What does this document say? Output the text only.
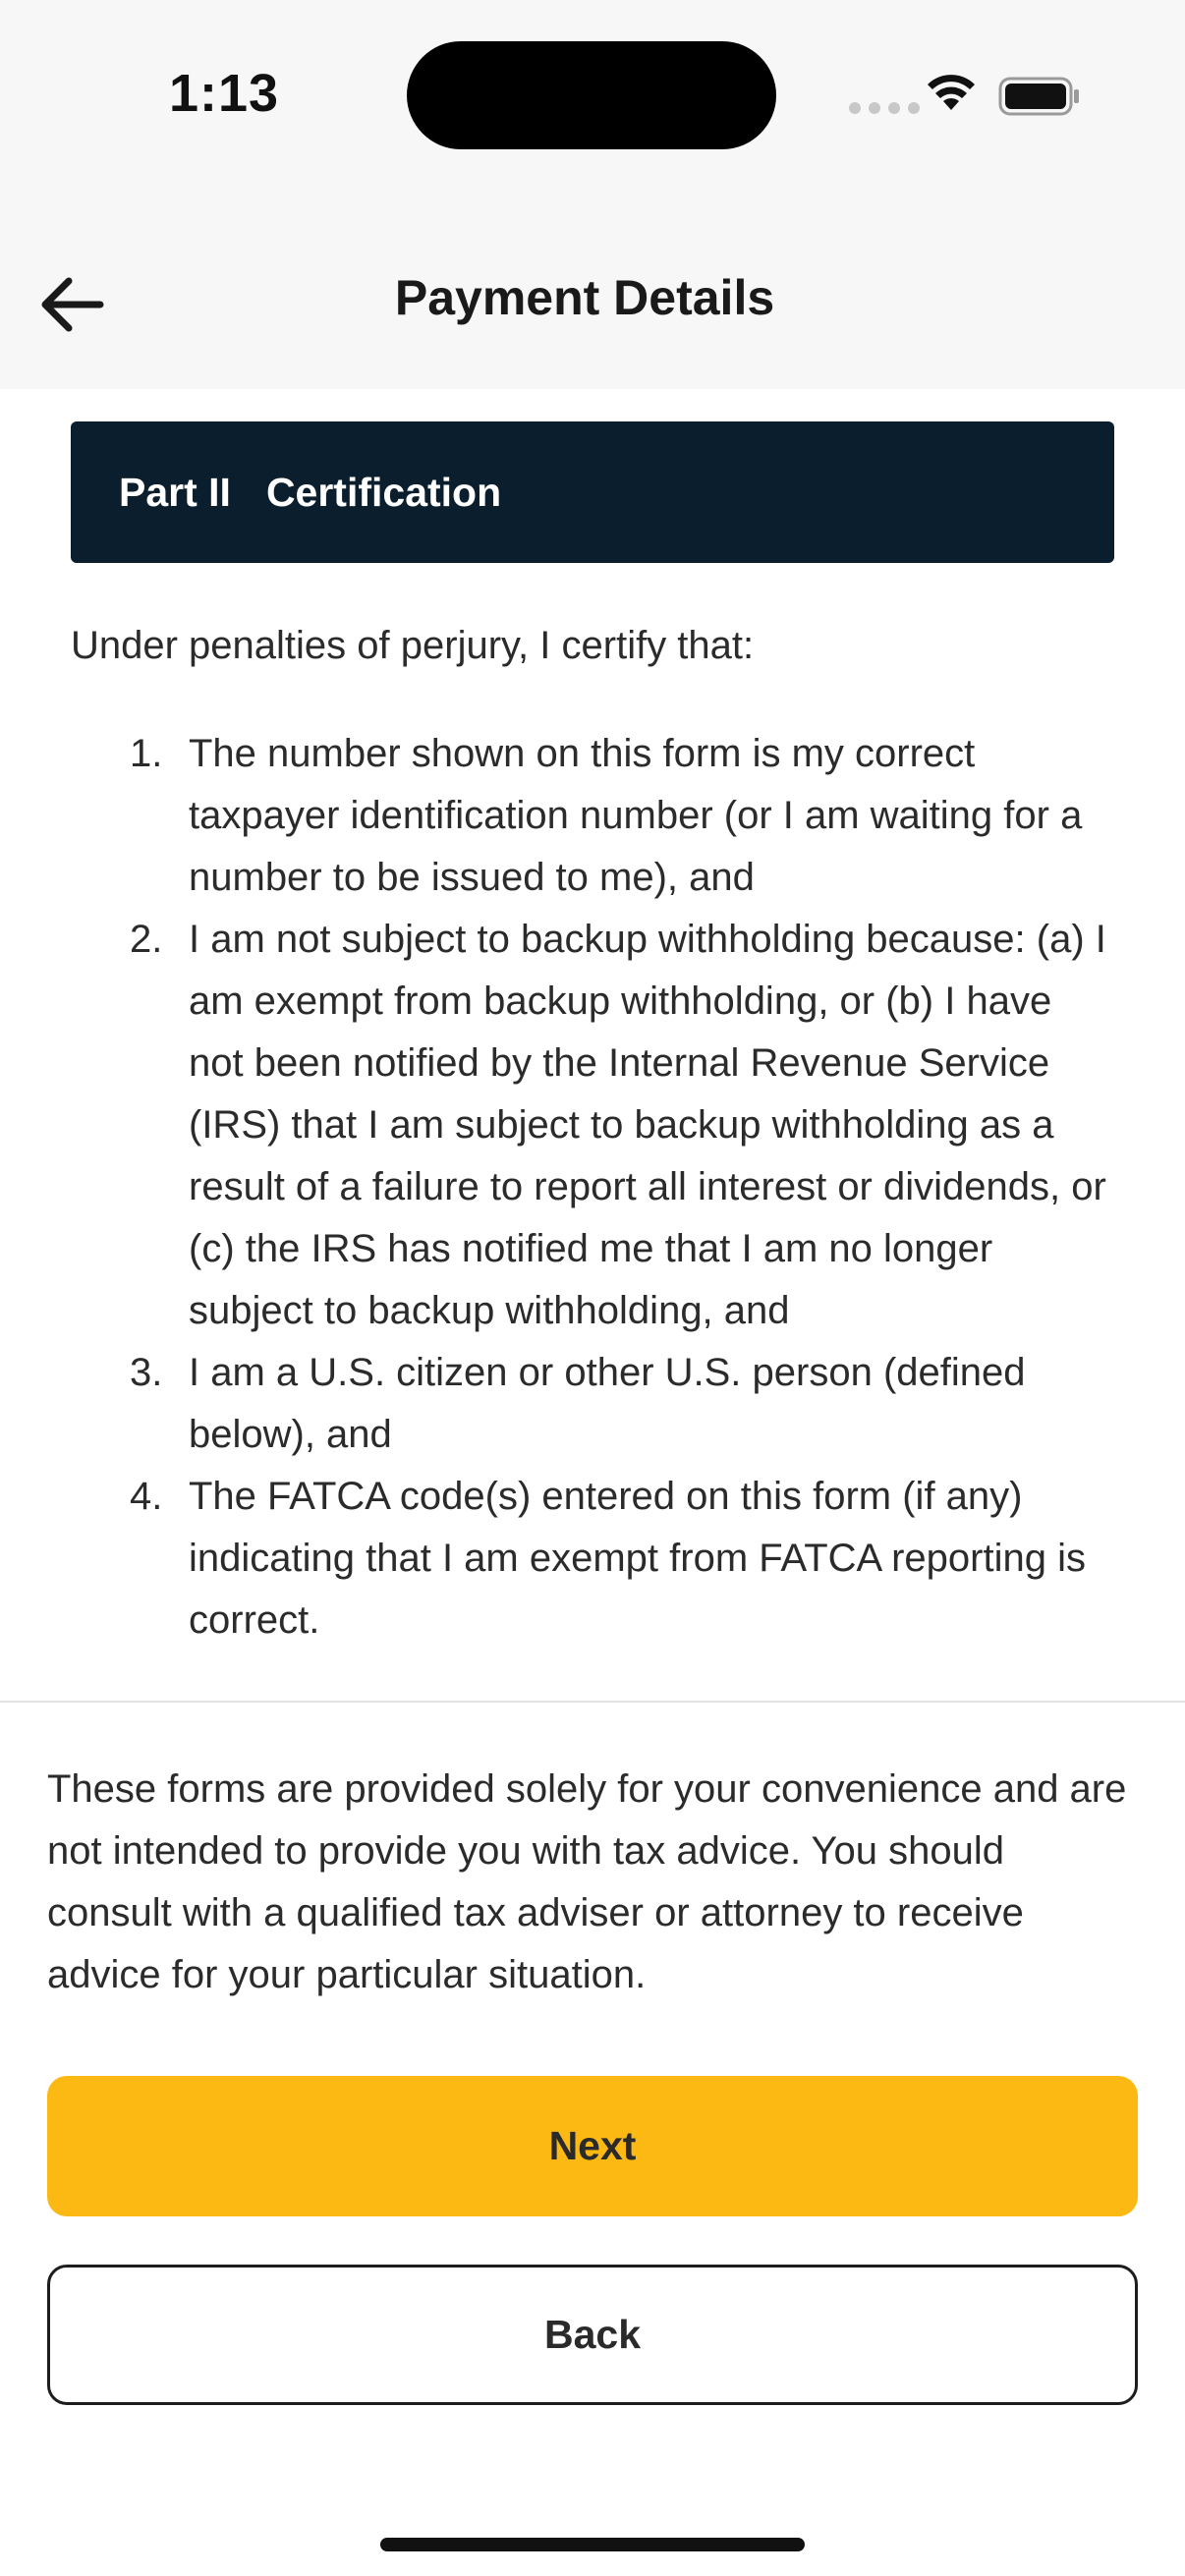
1:13
Payment Details
Part II Certification
Under penalties of perjury, I certify that:
1. The number shown on this form is my correct taxpayer identification number (or I am waiting for a number to be issued to me), and
2. I am not subject to backup withholding because: (a) I am exempt from backup withholding, or (b) I have not been notified by the Internal Revenue Service (IRS) that I am subject to backup withholding as a result of a failure to report all interest or dividends, or (c) the IRS has notified me that I am no longer subject to backup withholding, and
3. I am a U.S. citizen or other U.S. person (defined below), and
4. The FATCA code(s) entered on this form (if any) indicating that I am exempt from FATCA reporting is correct.
These forms are provided solely for your convenience and are not intended to provide you with tax advice. You should consult with a qualified tax adviser or attorney to receive advice for your particular situation.
Next
Back
